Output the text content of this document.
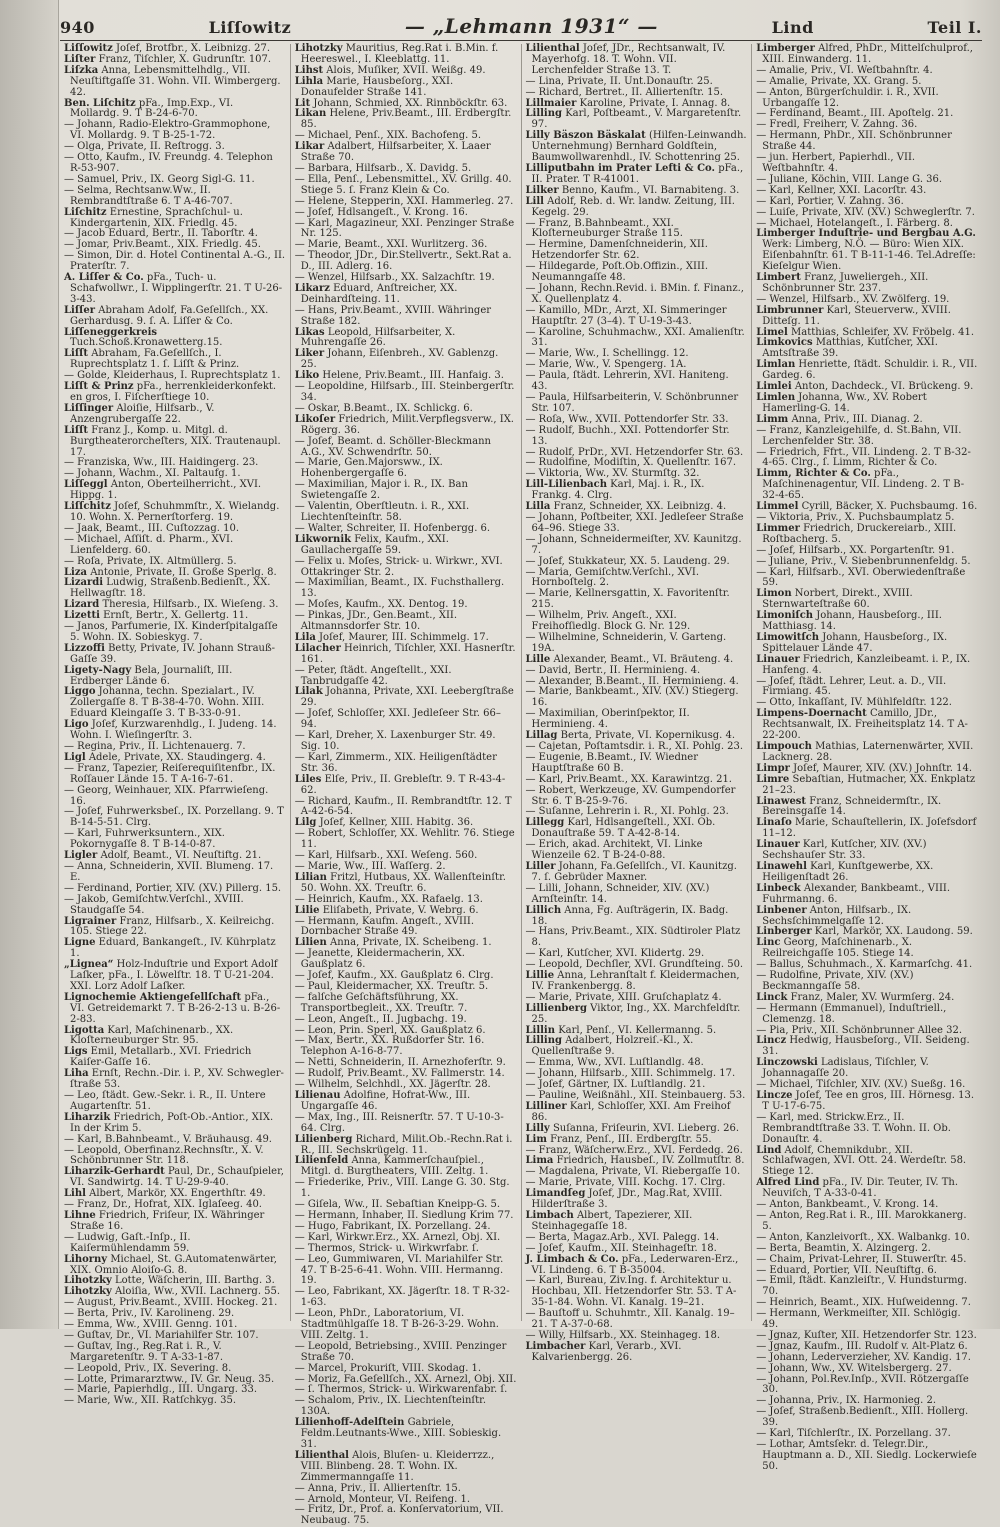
940	Liſſowitz	— „Lehmann 1931“ —	Lind	Teil I.

Liſſowitz Joſef, Brotfbr., X. Leibnizg. 27.

Liſter Franz, Tiſchler, X. Gudrunſtr. 107.

Liſzka Anna, Lebensmittelhdlg., VII. Neuſtiftgaſſe 31. Wohn. VII. Wimbergerg. 42.

Ben. Liſchitz pFa., Imp.Exp., VI. Mollardg. 9. T B-24-6-70.

— Johann, Radio-Elektro-Grammophone, VI. Mollardg. 9. T B-25-1-72.

— Olga, Private, II. Reſtrogg. 3.

— Otto, Kaufm., IV. Freundg. 4. Telephon R-53-907.

— Samuel, Priv., IX. Georg Sigl-G. 11.

— Selma, Rechtsanw.Ww., II. Rembrandtſtraße 6. T A-46-707.

Liſchitz Ernestine, Sprachſchul- u. Kindergartenin, XIX. Friedlg. 45.

— Jacob Eduard, Bertr., II. Taborſtr. 4.

— Jomar, Priv.Beamt., XIX. Friedlg. 45.

— Simon, Dir. d. Hotel Continental A.-G., II. Praterſtr. 7.

A. Liſſer & Co. pFa., Tuch- u. Schafwollwr., I. Wipplingerſtr. 21. T U-26-3-43.

Liſſer Abraham Adolf, Fa.Geſellſch., XX. Gerhardusg. 9. ſ. A. Liſſer & Co.

Liſſeneggerkreis Tuch.Schoß.Kronawetterg.15.

Liſſt Abraham, Fa.Geſellſch., I. Ruprechtsplatz 1. ſ. Liſſt & Prinz.

— Golde, Kleiderhaus, I. Ruprechtsplatz 1.

Liſſt & Prinz pFa., herrenkleiderkonfekt. en gros, I. Fiſcherſtiege 10.

Liſſinger Aloiſie, Hilfsarb., V. Anzengrubergaſſe 22.

Liſſt Franz J., Komp. u. Mitgl. d. Burgtheaterorcheſters, XIX. Trautenaupl. 17.

— Franziska, Ww., III. Haidingerg. 23.

— Johann, Wachm., XI. Paltaufg. 1.

Liſſeggl Anton, Oberteilherricht., XVI. Hippg. 1.

Liſſchitz Joſef, Schuhmmſtr., X. Wielandg. 10. Wohn. X. Pernerſtorferg. 19.

— Jaak, Beamt., III. Cuſtozzag. 10.

— Michael, Aſſiſt. d. Pharm., XVI. Lienfelderg. 60.

— Roſa, Private, IX. Altmüllerg. 5.

Liza Antonie, Private, II. Große Sperlg. 8.

Lizardi Ludwig, Straßenb.Bedienſt., XX. Hellwagſtr. 18.

Lizard Theresia, Hilfsarb., IX. Wieſeng. 3.

Lizetti Ernſt, Bertr., X. Gellertg. 11.

— Janos, Parfumerie, IX. Kinderſpitalgaſſe 5. Wohn. IX. Sobieskyg. 7.

Lizzoffi Betty, Private, IV. Johann Strauß-Gaſſe 39.

Ligety-Nagy Bela, Journaliſt, III. Erdberger Lände 6.

Liggo Johanna, techn. Spezialart., IV. Zollergaſſe 8. T B-38-4-70. Wohn. XIII. Eduard Kleingaſſe 3. T B-33-0-91.

Ligo Joſef, Kurzwarenhdlg., I. Judeng. 14. Wohn. I. Wieſingerſtr. 3.

— Regina, Priv., II. Lichtenauerg. 7.

Ligl Adele, Private, XX. Staudingerg. 4.

— Franz, Tapezier, Reiſerequiſitenfbr., IX. Roſſauer Lände 15. T A-16-7-61.

— Georg, Weinhauer, XIX. Pfarrwieſeng. 16.

— Joſef, Fuhrwerksbeſ., IX. Porzellang. 9. T B-14-5-51. Clrg.

— Karl, Fuhrwerksuntern., XIX. Pokornygaſſe 8. T B-14-0-87.

Ligler Adolf, Beamt., VI. Neuſtiftg. 21.

— Anna, Schneiderin, XVII. Blumeng. 17. E.

— Ferdinand, Portier, XIV. (XV.) Pillerg. 15.

— Jakob, Gemiſchtw.Verſchl., XVIII. Staudgaſſe 54.

Ligrainer Franz, Hilfsarb., X. Keilreichg. 105. Stiege 22.

Ligne Eduard, Bankangeſt., IV. Kührplatz 1.

„Lignea“ Holz-Induſtrie und Export Adolf Laſker, pFa., I. Löwelſtr. 18. T U-21-204. XXI. Lorz Adolf Laſker.

Lignochemie Aktiengeſellſchaft pFa., VI. Getreidemarkt 7. T B-26-2-13 u. B-26-2-83.

Ligotta Karl, Maſchinenarb., XX. Kloſterneuburger Str. 95.

Ligs Emil, Metallarb., XVI. Friedrich Kaiſer-Gaſſe 16.

Liha Ernſt, Rechn.-Dir. i. P., XV. Schwegler-ſtraße 53.

— Leo, ſtädt. Gew.-Sekr. i. R., II. Untere Augartenſtr. 51.

Liharzik Friedrich, Poſt-Ob.-Antior., XIX. In der Krim 5.

— Karl, B.Bahnbeamt., V. Bräuhausg. 49.

— Leopold, Oberfinanz.Rechnsſtr., X. V. Schönbrunner Str. 118.

Liharzik-Gerhardt Paul, Dr., Schauſpieler, VI. Sandwirtg. 14. T U-29-9-40.

Lihl Albert, Markör, XX. Engerthſtr. 49.

— Franz, Dr., Hofrat, XIX. Iglaſeeg. 40.

Lihne Friedrich, Friſeur, IX. Währinger Straße 16.

— Ludwig, Gaſt.-Inſp., II. Kaiſermühlendamm 59.

Lihorny Michael, St. G.Automatenwärter, XIX. Omnio Aloiſo-G. 8.

Lihotzky Lotte, Wäſcherin, III. Barthg. 3.

Lihotzky Aloiſia, Ww., XVII. Lachnerg. 55.

— August, Priv.Beamt., XVIII. Hockeg. 21.

— Berta, Priv., IV. Karolineng. 29.

— Emma, Ww., XVIII. Genng. 101.

— Guſtav, Dr., VI. Mariahilfer Str. 107.

— Guſtav, Ing., Reg.Rat i. R., V. Margaretenſtr. 9. T A-33-1-87.

— Leopold, Priv., IX. Severing. 8.

— Lotte, Primararztww., IV. Gr. Neug. 35.

— Marie, Papierhdlg., III. Ungarg. 33.

— Marie, Ww., XII. Ratſchkyg. 35.

Lihotzky Mauritius, Reg.Rat i. B.Min. f. Heereswel., I. Kleeblattg. 11.

Lihst Alois, Muſiker, XVII. Weißg. 49.

Lihla Marie, Hausbeſorg., XXI. Donaufelder Straße 141.

Lit Johann, Schmied, XX. Rinnböckſtr. 63.

Likan Helene, Priv.Beamt., III. Erdbergſtr. 85.

— Michael, Penſ., XIX. Bachofeng. 5.

Likar Adalbert, Hilfsarbeiter, X. Laaer Straße 70.

— Barbara, Hilfsarb., X. Davidg. 5.

— Ella, Penſ., Lebensmittel., XV. Grillg. 40. Stiege 5. ſ. Franz Klein & Co.

— Helene, Stepperin, XXI. Hammerleg. 27.

— Joſef, Hdlsangeſt., V. Krong. 16.

— Karl, Magazineur, XXI. Penzinger Straße Nr. 125.

— Marie, Beamt., XXI. Wurlitzerg. 36.

— Theodor, JDr., Dir.Stellvertr., Sekt.Rat a. D., III. Adlerg. 16.

— Wenzel, Hilfsarb., XX. Salzachſtr. 19.

Likarz Eduard, Anſtreicher, XX. Deinhardſteing. 11.

— Hans, Priv.Beamt., XVIII. Währinger Straße 182.

Likas Leopold, Hilfsarbeiter, X. Muhrengaſſe 26.

Liker Johann, Eiſenbreh., XV. Gablenzg. 25.

Liko Helene, Priv.Beamt., III. Hanfaig. 3.

— Leopoldine, Hilfsarb., III. Steinbergerſtr. 34.

— Oskar, B.Beamt., IX. Schlickg. 6.

Likoſer Friedrich, Milit.Verpflegsverw., IX. Rögerg. 36.

— Joſef, Beamt. d. Schöller-Bleckmann A.G., XV. Schwendrſtr. 50.

— Marie, Gen.Majorsww., IX. Hohenbergergaſſe 6.

— Maximilian, Major i. R., IX. Ban Swietengaſſe 2.

— Valentin, Oberſtleutn. i. R., XXI. Liechtenſteinſtr. 58.

— Walter, Schreiter, II. Hofenbergg. 6.

Likwornik Felix, Kaufm., XXI. Gaullachergaſſe 59.

— Felix u. Moſes, Strick- u. Wirkwr., XVI. Ottakringer Str. 2.

— Maximilian, Beamt., IX. Fuchsthallerg. 13.

— Moſes, Kaufm., XX. Dentog. 19.

— Pinkas, JDr., Gen.Beamt., XII. Altmannsdorfer Str. 10.

Lila Joſef, Maurer, III. Schimmelg. 17.

Lilacher Heinrich, Tiſchler, XXI. Hasnerſtr. 161.

— Peter, ſtädt. Angeſtellt., XXI. Tanbrudgaſſe 42.

Lilak Johanna, Private, XXI. Leebergſtraße 29.

— Joſef, Schloſſer, XXI. Jedleſeer Str. 66–94.

— Karl, Dreher, X. Laxenburger Str. 49. Sig. 10.

— Karl, Zimmerm., XIX. Heiligenſtädter Str. 36.

Liles Elſe, Priv., II. Grebleſtr. 9. T R-43-4-62.

— Richard, Kaufm., II. Rembrandtſtr. 12. T A-42-6-54.

Lilg Joſef, Kellner, XIII. Habitg. 36.

— Robert, Schloſſer, XX. Wehlitr. 76. Stiege 11.

— Karl, Hilfsarb., XXI. Weſeng. 560.

— Marie, Ww., III. Waſſerg. 2.

Lilian Fritzl, Hutbaus, XX. Wallenſteinſtr. 50. Wohn. XX. Treuſtr. 6.

— Heinrich, Kaufm., XX. Rafaelg. 13.

Lilie Eliſabeth, Private, V. Webrg. 6.

— Hermann, Kaufm. Angeſt., XVIII. Dornbacher Straße 49.

Lilien Anna, Private, IX. Scheibeng. 1.

— Jeanette, Kleidermacherin, XX. Gaußplatz 6.

— Joſef, Kaufm., XX. Gaußplatz 6. Clrg.

— Paul, Kleidermacher, XX. Treuſtr. 5.

— falſche Geſchäftsführung, XX. Transportbegleit., XX. Treuſtr. 7.

— Leon, Angeſt., II. Jugbachg. 19.

— Leon, Prin. Sperl, XX. Gaußplatz 6.

— Max, Bertr., XX. Rußdorfer Str. 16. Telephon A-16-8-77.

— Netti, Schneiderin, II. Arnezhoferſtr. 9.

— Rudolf, Priv.Beamt., XV. Fallmerstr. 14.

— Wilhelm, Selchhdl., XX. Jägerſtr. 28.

Lilienau Adolfine, Hofrat-Ww., III. Ungargaſſe 46.

— Max, Ing., III. Reisnerſtr. 57. T U-10-3-64. Clrg.

Lilienberg Richard, Milit.Ob.-Rechn.Rat i. R., III. Sechskrügelg. 11.

Lilienfeld Anna, Kammerſchauſpiel., Mitgl. d. Burgtheaters, VIII. Zeltg. 1.

— Friederike, Priv., VIII. Lange G. 30. Stg. 1.

— Giſela, Ww., II. Sebaſtian Kneipp-G. 5.

— Hermann, Inhaber, II. Siedlung Krim 77.

— Hugo, Fabrikant, IX. Porzellang. 24.

— Karl, Wirkwr.Erz., XX. Arnezl, Obj. XI.

— Thermos, Strick- u. Wirkwrfabr. ſ.

— Leo, Gummiwaren, VI. Mariahilfer Str. 47. T B-25-6-41. Wohn. VIII. Hermanng. 19.

— Leo, Fabrikant, XX. Jägerſtr. 18. T R-32-1-63.

— Leon, PhDr., Laboratorium, VI. Stadtmühlgaſſe 18. T B-26-3-29. Wohn. VIII. Zeltg. 1.

— Leopold, Betriebsing., XVIII. Penzinger Straße 70.

— Marcel, Prokuriſt, VIII. Skodag. 1.

— Moriz, Fa.Geſellſch., XX. Arnezl, Obj. XII.

— ſ. Thermos, Strick- u. Wirkwarenfabr. ſ.

— Schalom, Priv., IX. Liechtenſteinſtr. 130A.

Lilienhoff-Adelſtein Gabriele, Feldm.Leutnants-Wwe., XIII. Sobieskig. 31.

Lilienthal Alois, Bluſen- u. Kleiderrzz., VIII. Blinbeng. 28. T. Wohn. IX. Zimmermanngaſſe 11.

— Anna, Priv., II. Alliertenſtr. 15.

— Arnold, Monteur, VI. Reifeng. 1.

— Fritz, Dr., Prof. a. Konſervatorium, VII. Neubaug. 75.

Lilienthal Joſef, JDr., Rechtsanwalt, IV. Mayerhofg. 18. T. Wohn. VII. Lerchenfelder Straße 13. T.

— Lina, Private, II. Unt.Donauſtr. 25.

— Richard, Bertret., II. Alliertenſtr. 15.

Lillmaier Karoline, Private, I. Annag. 8.

Lilling Karl, Poſtbeamt., V. Margaretenſtr. 97.

Lilly Bäszon Bäskalat (Hilfen-Leinwandh. Unternehmung) Bernhard Goldſtein, Baumwollwarenhdl., IV. Schottenring 25.

Lilliputbahn im Prater Lefti & Co. pFa., II. Prater. T R-41001.

Lilker Benno, Kaufm., VI. Barnabiteng. 3.

Lill Adolf, Reb. d. Wr. landw. Zeitung, III. Kegelg. 29.

— Franz, B.Bahnbeamt., XXI. Kloſterneuburger Straße 115.

— Hermine, Damenſchneiderin, XII. Hetzendorfer Str. 62.

— Hildegarde, Poſt.Ob.Offizin., XIII. Neumanngaſſe 48.

— Johann, Rechn.Revid. i. BMin. f. Finanz., X. Quellenplatz 4.

— Kamillo, MDr., Arzt, XI. Simmeringer Hauptſtr. 27 (3–4). T U-19-3-43.

— Karoline, Schuhmachw., XXI. Amalienſtr. 31.

— Marie, Ww., I. Schellingg. 12.

— Marie, Ww., V. Spengerg. 1A.

— Paula, ſtädt. Lehrerin, XVI. Haniteng. 43.

— Paula, Hilfsarbeiterin, V. Schönbrunner Str. 107.

— Roſa, Ww., XVII. Pottendorfer Str. 33.

— Rudolf, Buchh., XXI. Pottendorfer Str. 13.

— Rudolf, PrDr., XVI. Hetzendorfer Str. 63.

— Rudolfine, Modiſtin, X. Quellenſtr. 167.

— Viktoria, Ww., XV. Sturmſtg. 32.

Lill-Lilienbach Karl, Maj. i. R., IX. Frankg. 4. Clrg.

Lilla Franz, Schneider, XX. Leibnizg. 4.

— Johann, Poſtbeiter, XXI. Jedleſeer Straße 64–96. Stiege 33.

— Johann, Schneidermeiſter, XV. Kaunitzg. 7.

— Joſef, Stukkateur, XX. 5. Laudeng. 29.

— Maria, Gemiſchtw.Verſchl., XVI. Hornboſtelg. 2.

— Marie, Kellnersgattin, X. Favoritenſtr. 215.

— Wilhelm, Priv. Angeſt., XXI. Freihofſiedlg. Block G. Nr. 129.

— Wilhelmine, Schneiderin, V. Garteng. 19A.

Lille Alexander, Beamt., VI. Bräuteng. 4.

— David, Bertr., II. Herminieng. 4.

— Alexander, B.Beamt., II. Herminieng. 4.

— Marie, Bankbeamt., XIV. (XV.) Stiegerg. 16.

— Maximilian, Oberinſpektor, II. Herminieng. 4.

Lillag Berta, Private, VI. Kopernikusg. 4.

— Cajetan, Poſtamtsdir. i. R., XI. Pohlg. 23.

— Eugenie, B.Beamt., IV. Wiedner Hauptſtraße 60 B.

— Karl, Priv.Beamt., XX. Karawintzg. 21.

— Robert, Werkzeuge, XV. Gumpendorfer Str. 6. T B-25-9-76.

— Suſanne, Lehrerin i. R., XI. Pohlg. 23.

Lillegg Karl, Hdlsangeſtell., XXI. Ob. Donauſtraße 59. T A-42-8-14.

— Erich, akad. Architekt, VI. Linke Wienzeile 62. T B-24-0-88.

Liller Johann, Fa.Geſellſch., VI. Kaunitzg. 7. ſ. Gebrüder Maxner.

— Lilli, Johann, Schneider, XIV. (XV.) Arnſteinſtr. 14.

Lillich Anna, Fg. Auſträgerin, IX. Badg. 18.

— Hans, Priv.Beamt., XIX. Südtiroler Platz 8.

— Karl, Kutſcher, XVI. Klidertg. 29.

— Leopold, Dechſler, XVI. Grundſteing. 50.

Lillie Anna, Lehranſtalt f. Kleidermachen, IV. Frankenbergg. 8.

— Marie, Private, XIII. Gruſchaplatz 4.

Lillienberg Viktor, Ing., XX. Marchfeldſtr. 25.

Lillin Karl, Penſ., VI. Kellermanng. 5.

Lilling Adalbert, Holzreiſ.-Kl., X. Quellenſtraße 9.

— Emma, Ww., XVI. Luſtlandlg. 48.

— Johann, Hilfsarb., XIII. Schimmelg. 17.

— Joſef, Gärtner, IX. Luſtlandlg. 21.

— Pauline, Weißnähl., XII. Steinbauerg. 53.

Lilliner Karl, Schloſſer, XXI. Am Freihof 86.

Lilly Suſanna, Friſeurin, XVI. Lieberg. 26.

Lim Franz, Penſ., III. Erdbergſtr. 55.

— Franz, Wäſcherw.Erz., XVI. Ferdedg. 26.

Lima Friedrich, Hausbeſ., IV. Zollmutſtr. 8.

— Magdalena, Private, VI. Riebergaſſe 10.

— Marie, Private, VIII. Kochg. 17. Clrg.

Limandſeg Joſef, JDr., Mag.Rat, XVIII. Hilderſtraße 3.

Limbach Albert, Tapezierer, XII. Steinhagegaſſe 18.

— Berta, Magaz.Arb., XVI. Palegg. 14.

— Joſef, Kaufm., XII. Steinhageſtr. 18.

J. Limbach & Co. pFa., Lederwaren-Erz., VI. Lindeng. 6. T B-35004.

— Karl, Bureau, Ziv.Ing. f. Architektur u. Hochbau, XII. Hetzendorfer Str. 53. T A-35-1-84. Wohn. VI. Kanalg. 19–21.

— Bauſtoff u. Schuhmtr., XII. Kanalg. 19–21. T A-37-0-68.

— Willy, Hilfsarb., XX. Steinhageg. 18.

Limbacher Karl, Verarb., XVI. Kalvarienbergg. 26.

Limberger Alfred, PhDr., Mittelſchulprof., XIII. Einwanderg. 11.

— Amalie, Priv., VI. Weſtbahnſtr. 4.

— Amalie, Private, XX. Grang. 5.

— Anton, Bürgerſchuldir. i. R., XVII. Urbangaſſe 12.

— Ferdinand, Beamt., III. Apoſtelg. 21.

— Fredl, Freiherr, V. Zahng. 36.

— Hermann, PhDr., XII. Schönbrunner Straße 44.

— jun. Herbert, Papierhdl., VII. Weſtbahnſtr. 4.

— Juliane, Köchin, VIII. Lange G. 36.

— Karl, Kellner, XXI. Lacorſtr. 43.

— Karl, Portier, V. Zahng. 36.

— Luiſe, Private, XIV. (XV.) Schweglerſtr. 7.

— Michael, Hotelangeſt., I. Färberg. 8.

Limberger Induſtrie- und Bergbau A.G. Werk: Limberg, N.Ö. — Büro: Wien XIX. Eiſenbahnſtr. 61. T B-11-1-46. Tel.Adreſſe: Kieſelgur Wien.

Limbert Franz, Juweliergeh., XII. Schönbrunner Str. 237.

— Wenzel, Hilfsarb., XV. Zwölferg. 19.

Limbrunner Karl, Steuerverw., XVIII. Ditteſg. 11.

Limel Matthias, Schleifer, XV. Fröbelg. 41.

Limkovics Matthias, Kutſcher, XXI. Amtsſtraße 39.

Limlan Henriette, ſtädt. Schuldir. i. R., VII. Gardeg. 6.

Limlei Anton, Dachdeck., VI. Brückeng. 9.

Limlen Johanna, Ww., XV. Robert Hamerling-G. 14.

Limm Anna, Priv., III. Dianag. 2.

— Franz, Kanzleigehilfe, d. St.Bahn, VII. Lerchenfelder Str. 38.

— Friedrich, Ffrt., VII. Lindeng. 2. T B-32-4-65. Clrg., ſ. Limm, Richter & Co.

Limm, Richter & Co. pFa., Maſchinenagentur, VII. Lindeng. 2. T B-32-4-65.

Limmel Cyrill, Bäcker, X. Puchsbaumg. 16.

— Viktoria, Priv., X. Puchsbaumplatz 5.

Limmer Friedrich, Druckereiarb., XIII. Roſtbacherg. 5.

— Joſef, Hilfsarb., XX. Porgartenſtr. 91.

— Juliane, Priv., V. Siebenbrunnenfeldg. 5.

— Karl, Hilfsarb., XVI. Oberwiedenſtraße 59.

Limon Norbert, Direkt., XVIII. Sternwarteſtraße 60.

Limoniſch Johann, Hausbeſorg., III. Matthiasg. 14.

Limowitſch Johann, Hausbeſorg., IX. Spittelauer Lände 47.

Linauer Friedrich, Kanzleibeamt. i. P., IX. Hanfeng. 4.

— Joſef, ſtädt. Lehrer, Leut. a. D., VII. Firmiang. 45.

— Otto, Inkaſſant, IV. Mühlfeldſtr. 122.

Limpens-Doernacht Camillo, JDr., Rechtsanwalt, IX. Freiheitsplatz 14. T A-22-200.

Limpouch Mathias, Laternenwärter, XVII. Lacknerg. 28.

Limpr Joſef, Maurer, XIV. (XV.) Johnſtr. 14.

Limre Sebaſtian, Hutmacher, XX. Enkplatz 21–23.

Linawest Franz, Schneidermſtr., IX. Bereinsgaſſe 14.

Linaſo Marie, Schauſtellerin, IX. Joſefsdorf 11–12.

Linauer Karl, Kutſcher, XIV. (XV.) Sechshauſer Str. 33.

Linawehl Karl, Kunſtgewerbe, XX. Heiligenſtadt 26.

Linbeck Alexander, Bankbeamt., VIII. Fuhrmanng. 6.

Linbener Anton, Hilfsarb., IX. Sechsſchimmelgaſſe 12.

Linberger Karl, Markör, XX. Laudong. 59.

Linc Georg, Maſchinenarb., X. Reilreichgaſſe 105. Stiege 14.

— Ballus, Schuhmach., X. Karmarſchg. 41.

— Rudolfine, Private, XIV. (XV.) Beckmanngaſſe 58.

Linck Franz, Maler, XV. Wurmſerg. 24.

— Hermann (Emmanuel), Induſtriell., Clemenzg. 18.

— Pia, Priv., XII. Schönbrunner Allee 32.

Lincz Hedwig, Hausbeſorg., VII. Seideng. 31.

Linczowski Ladislaus, Tiſchler, V. Johannagaſſe 20.

— Michael, Tiſchler, XIV. (XV.) Sueßg. 16.

Lincze Joſef, Tee en gros, III. Hörnesg. 13. T U-17-6-75.

— Karl, med. Strickw.Erz., II. Rembrandtſtraße 33. T. Wohn. II. Ob. Donauſtr. 4.

Lind Adolf, Chemnikdubr., XII. Schlafwagen, XVI. Ott. 24. Werdeſtr. 58. Stiege 12.

Alfred Lind pFa., IV. Dir. Teuter, IV. Th. Neuviſch, T A-33-0-41.

— Anton, Bankbeamt., V. Krong. 14.

— Anton, Reg.Rat i. R., III. Marokkanerg. 5.

— Anton, Kanzleivorſt., XX. Walbankg. 10.

— Berta, Beamtin, X. Alzingerg. 2.

— Chaim, Privat-Lehrer, II. Stuwerſtr. 45.

— Eduard, Portier, VII. Neuſtiftg. 6.

— Emil, ſtädt. Kanzleiſtr., V. Hundsturmg. 70.

— Heinrich, Beamt., XIX. Huſweidenng. 7.

— Hermann, Werkmeiſter, XII. Schlögig. 49.

— Jgnaz, Kuſter, XII. Hetzendorfer Str. 123.

— Jgnaz, Kaufm., III. Rudolf v. Alt-Platz 6.

— Johann, Lederverzieher, XV. Kandig. 17.

— Johann, Ww., XV. Witelsbergerg. 27.

— Johann, Pol.Rev.Inſp., XVII. Rötzergaſſe 30.

— Johanna, Priv., IX. Harmonieg. 2.

— Joſef, Straßenb.Bedienſt., XIII. Hollerg. 39.

— Karl, Tiſchlerſtr., IX. Porzellang. 37.

— Lothar, Amtsſekr. d. Telegr.Dir., Hauptmann a. D., XII. Siedlg. Lockerwieſe 50.
